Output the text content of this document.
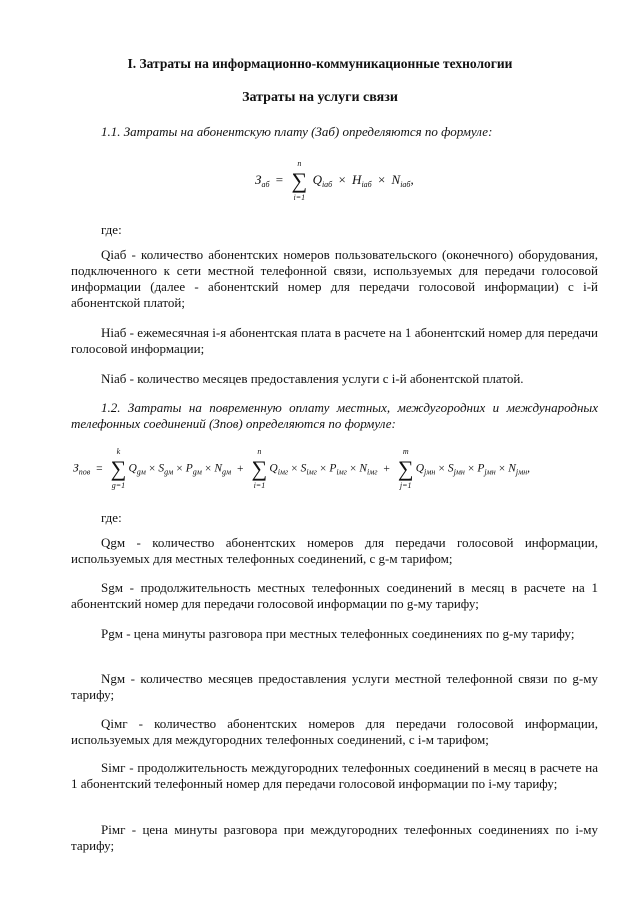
I. Затраты на информационно-коммуникационные технологии
Затраты на услуги связи
1.1. Затраты на абонентскую плату (Заб) определяются по формуле:
$З_{аб}$ = ∑
n
i=1
$Q_{iаб} \times H_{iаб} \times N_{iаб}$,
где:
Qiаб - количество абонентских номеров пользовательского (оконечного) оборудования, подключенного к сети местной телефонной связи, используемых для передачи голосовой информации (далее - абонентский номер для передачи голосовой информации) с i-й абонентской платой;
Hiаб - ежемесячная i-я абонентская плата в расчете на 1 абонентский номер для передачи голосовой информации;
Niаб - количество месяцев предоставления услуги с i-й абонентской платой.
1.2. Затраты на повременную оплату местных, междугородних и международных телефонных соединений (Зпов) определяются по формуле:
$З_{пов}$ = ∑
k
g=1
$Q_{gм} \times S_{gм} \times P_{gм} \times N_{gм}$ + ∑
n
i=1
$Q_{iмг} \times S_{iмг} \times P_{iмг} \times N_{iмг}$ + ∑
m
j=1
$Q_{jмн} \times S_{jмн} \times P_{jмн} \times N_{jмн}$,
где:
Qgм - количество абонентских номеров для передачи голосовой информации, используемых для местных телефонных соединений, с g-м тарифом;
Sgм - продолжительность местных телефонных соединений в месяц в расчете на 1 абонентский номер для передачи голосовой информации по g-му тарифу;
Pgм - цена минуты разговора при местных телефонных соединениях по g-му тарифу;
Ngм - количество месяцев предоставления услуги местной телефонной связи по g-му тарифу;
Qiмг - количество абонентских номеров для передачи голосовой информации, используемых для междугородних телефонных соединений, с i-м тарифом;
Siмг - продолжительность междугородних телефонных соединений в месяц в расчете на 1 абонентский телефонный номер для передачи голосовой информации по i-му тарифу;
Piмг - цена минуты разговора при междугородних телефонных соединениях по i-му тарифу;
